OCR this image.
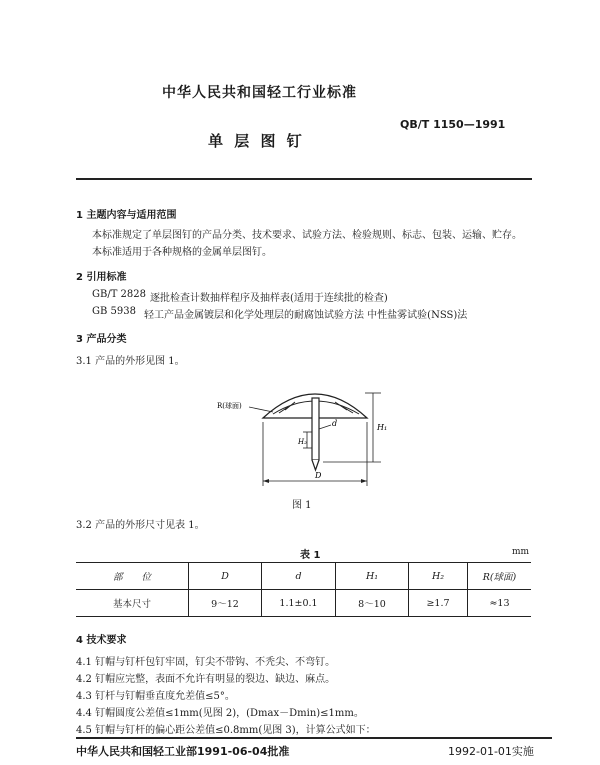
中华人民共和国轻工行业标准
QB/T 1150—1991
单 层 图 钉
1 主题内容与适用范围
本标准规定了单层图钉的产品分类、技术要求、试验方法、检验规则、标志、包装、运输、贮存。
本标准适用于各种规格的金属单层图钉。
2 引用标准
GB/T 2828 逐批检查计数抽样程序及抽样表(适用于连续批的检查)
GB 5938 轻工产品金属镀层和化学处理层的耐腐蚀试验方法 中性盐雾试验(NSS)法
3 产品分类
3.1 产品的外形见图 1。
R(球面)
d	H₁
H₂
D
图 1
3.2 产品的外形尺寸见表 1。
表 1	mm
部　　位	D	d	H₁	H₂	R(球面)
基本尺寸	9～12	1.1±0.1	8～10	≥1.7	≈13
4 技术要求
4.1 钉帽与钉杆包钉牢固，钉尖不带钩、不秃尖、不弯钉。
4.2 钉帽应完整，表面不允许有明显的裂边、缺边、麻点。
4.3 钉杆与钉帽垂直度允差值≤5°。
4.4 钉帽圆度公差值≤1mm(见图 2)，(Dmax－Dmin)≤1mm。
4.5 钉帽与钉杆的偏心距公差值≤0.8mm(见图 3)，计算公式如下：
中华人民共和国轻工业部1991-06-04批准	1992-01-01实施
